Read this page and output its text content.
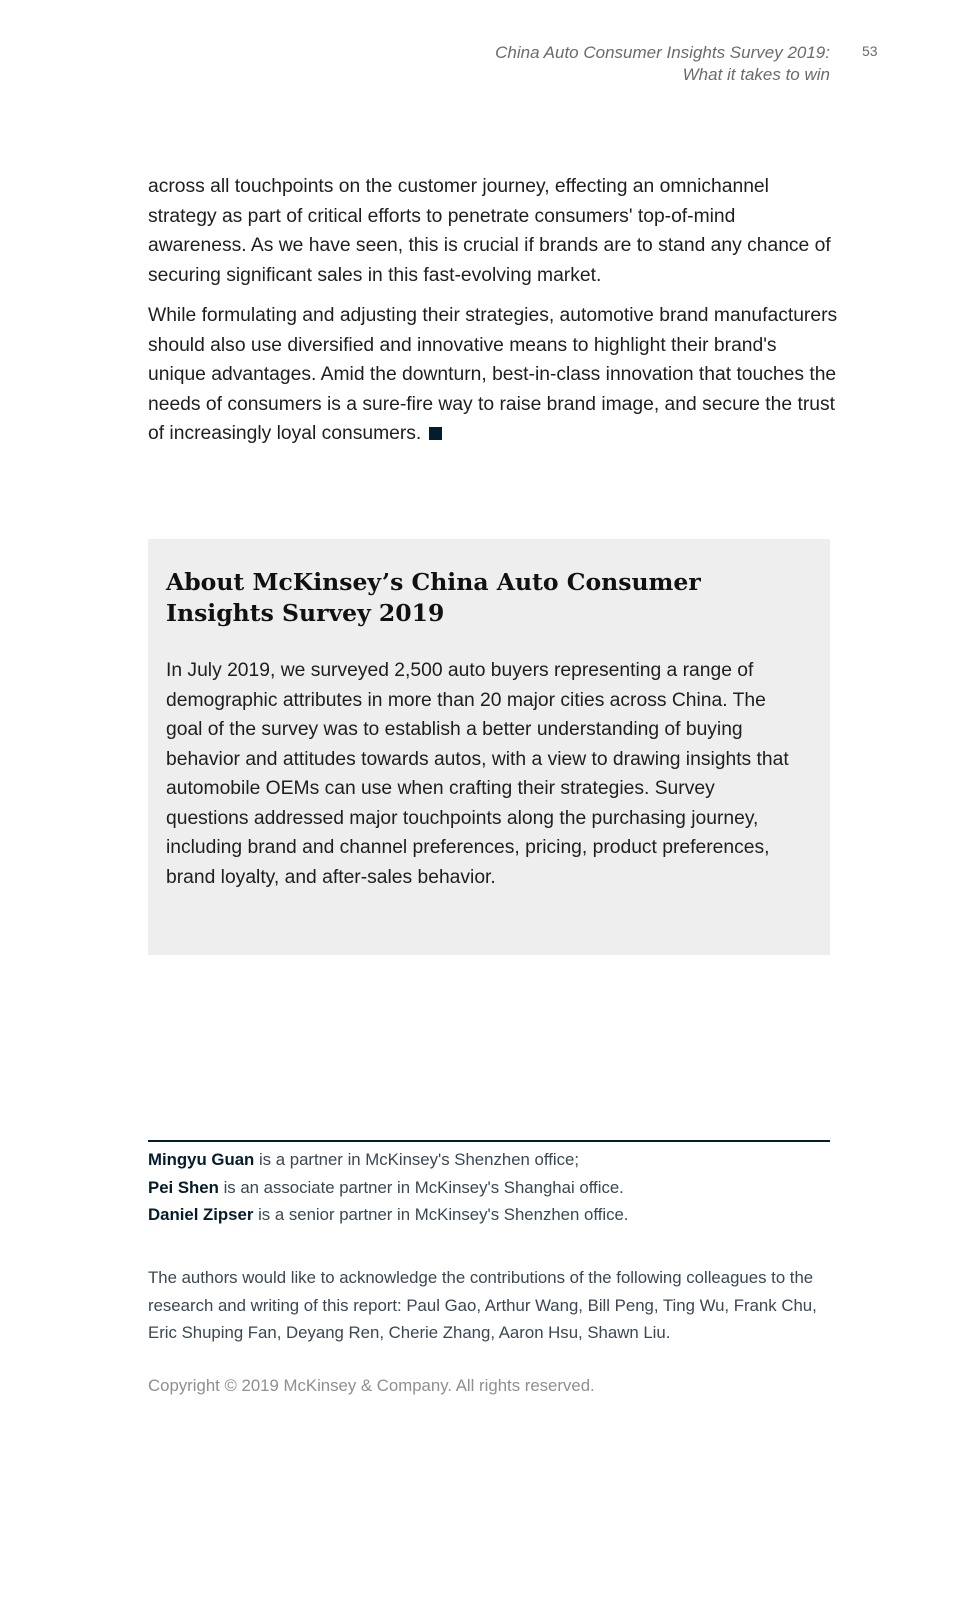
China Auto Consumer Insights Survey 2019:
What it takes to win
53

across all touchpoints on the customer journey, effecting an omnichannel strategy as part of critical efforts to penetrate consumers' top-of-mind awareness. As we have seen, this is crucial if brands are to stand any chance of securing significant sales in this fast-evolving market.

While formulating and adjusting their strategies, automotive brand manufacturers should also use diversified and innovative means to highlight their brand's unique advantages. Amid the downturn, best-in-class innovation that touches the needs of consumers is a sure-fire way to raise brand image, and secure the trust of increasingly loyal consumers.

About McKinsey’s China Auto Consumer Insights Survey 2019

In July 2019, we surveyed 2,500 auto buyers representing a range of demographic attributes in more than 20 major cities across China. The goal of the survey was to establish a better understanding of buying behavior and attitudes towards autos, with a view to drawing insights that automobile OEMs can use when crafting their strategies. Survey questions addressed major touchpoints along the purchasing journey, including brand and channel preferences, pricing, product preferences, brand loyalty, and after-sales behavior.

Mingyu Guan is a partner in McKinsey's Shenzhen office;
Pei Shen is an associate partner in McKinsey's Shanghai office.
Daniel Zipser is a senior partner in McKinsey's Shenzhen office.

The authors would like to acknowledge the contributions of the following colleagues to the research and writing of this report: Paul Gao, Arthur Wang, Bill Peng, Ting Wu, Frank Chu, Eric Shuping Fan, Deyang Ren, Cherie Zhang, Aaron Hsu, Shawn Liu.

Copyright © 2019 McKinsey & Company. All rights reserved.
